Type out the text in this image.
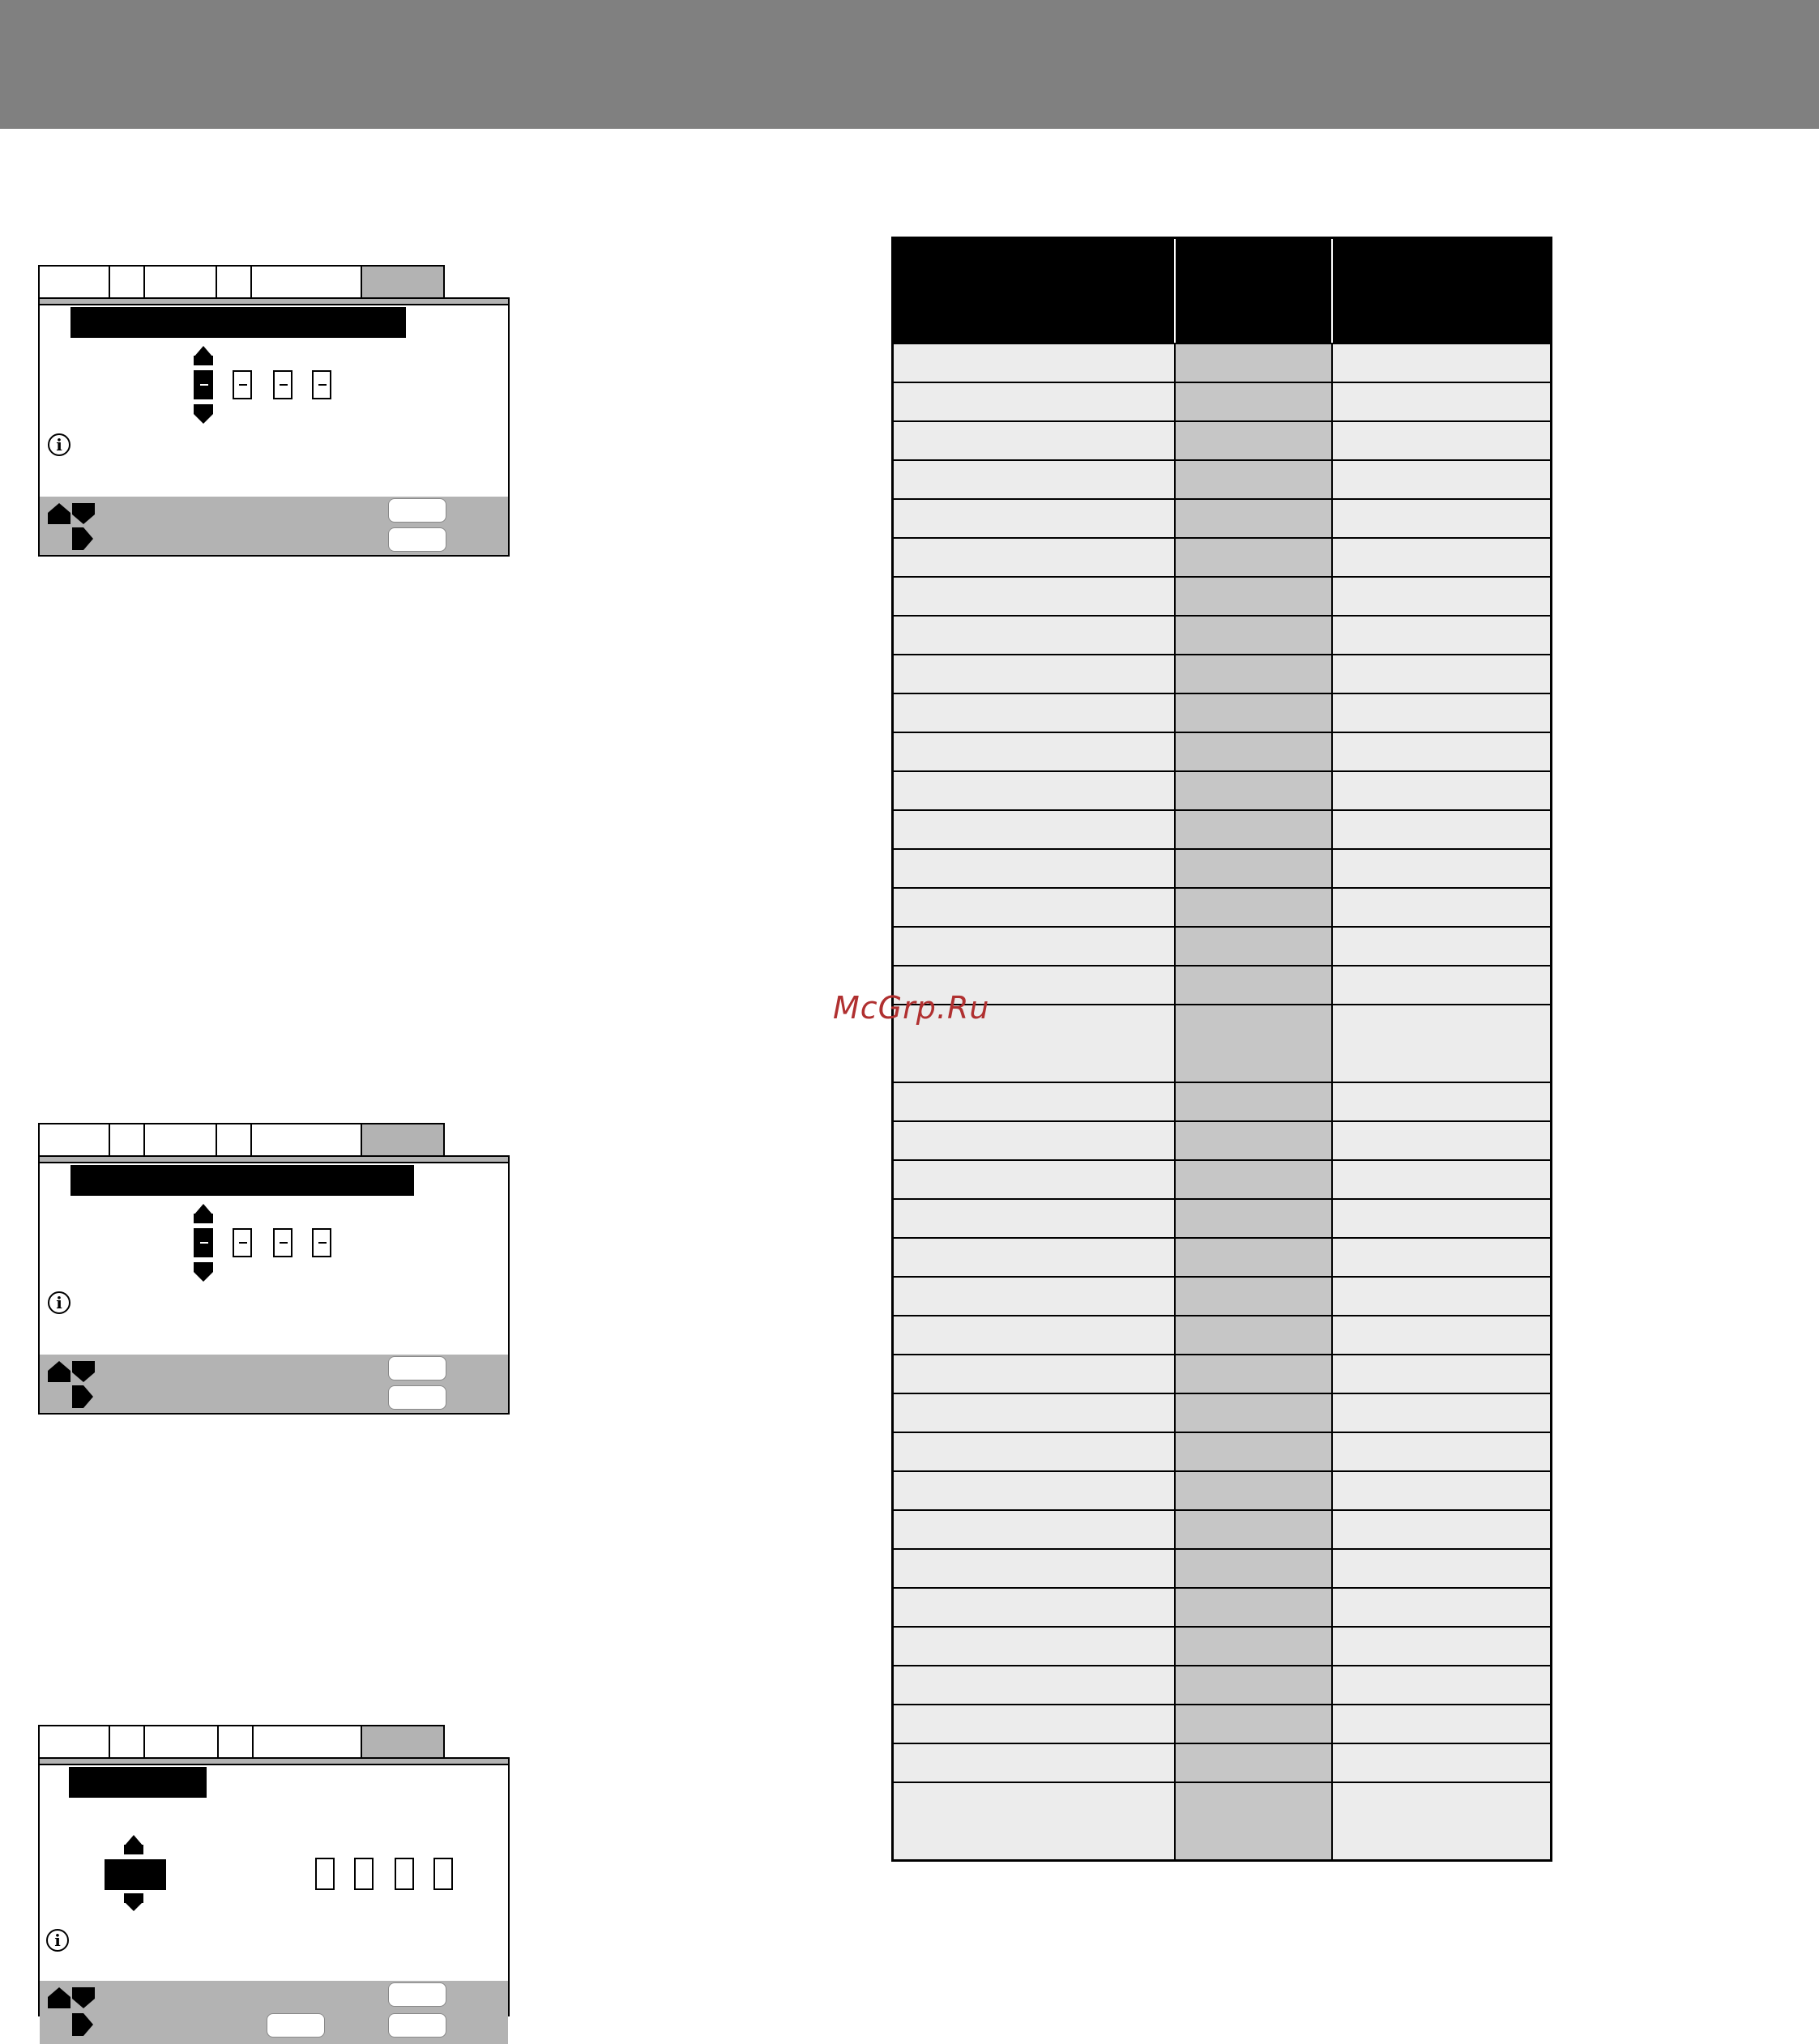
i
i
i
McGrp.Ru
